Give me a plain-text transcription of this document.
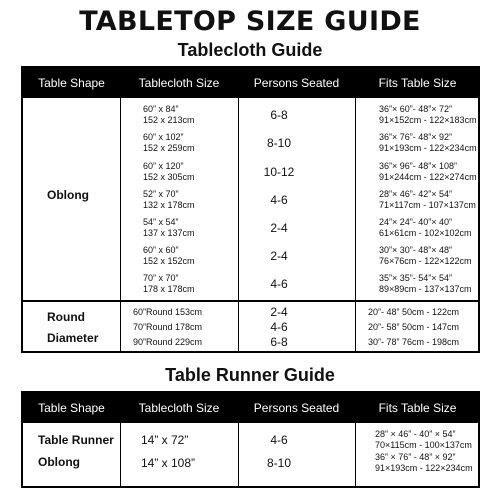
TABLETOP SIZE GUIDE
Tablecloth Guide
Table Shape	Tablecloth Size	Persons Seated	Fits Table Size
Oblong
60” x 84”
152 x 213cm	6-8	36”× 60”- 48”× 72”
91×152cm - 122×183cm
60” x 102”
152 x 259cm	8-10	36”× 76”- 48”× 92”
91×193cm - 122×234cm
60” x 120”
152 x 305cm	10-12	36”× 96”- 48”× 108”
91×244cm - 122×274cm
52” x 70”
132 x 178cm	4-6	28”× 46”- 42”× 54”
71×117cm - 107×137cm
54” x 54”
137 x 137cm	2-4	24”× 24”- 40”× 40”
61×61cm - 102×102cm
60” x 60”
152 x 152cm	2-4	30”× 30”- 48”× 48”
76×76cm - 122×122cm
70” x 70”
178 x 178cm	4-6	35”× 35”- 54”× 54”
89×89cm - 137×137cm
Round
Diameter
60”Round 153cm	2-4	20”- 48” 50cm - 122cm
70”Round 178cm	4-6	20”- 58” 50cm - 147cm
90”Round 229cm	6-8	30”- 78” 76cm - 198cm
Table Runner Guide
Table Shape	Tablecloth Size	Persons Seated	Fits Table Size
Table Runner
Oblong
14” x 72”	4-6	28” × 46” - 40” × 54”
70×115cm - 100×137cm
14” x 108”	8-10	36” × 76” - 48” × 92”
91×193cm - 122×234cm
